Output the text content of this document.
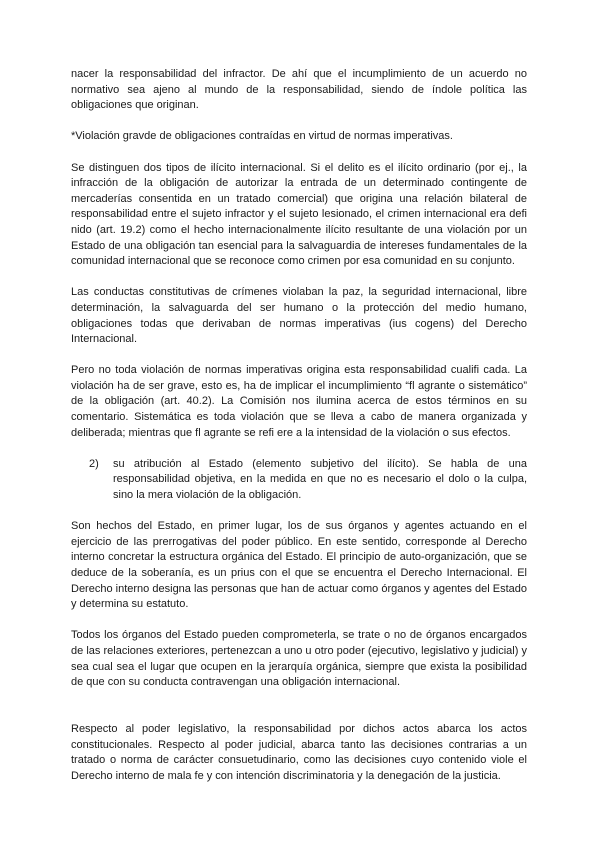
nacer la responsabilidad del infractor. De ahí que el incumplimiento de un acuerdo no normativo sea ajeno al mundo de la responsabilidad, siendo de índole política las obligaciones que originan.

*Violación gravde de obligaciones contraídas en virtud de normas imperativas.

Se distinguen dos tipos de ilícito internacional. Si el delito es el ilícito ordinario (por ej., la infracción de la obligación de autorizar la entrada de un determinado contingente de mercaderías consentida en un tratado comercial) que origina una relación bilateral de responsabilidad entre el sujeto infractor y el sujeto lesionado, el crimen internacional era defi nido (art. 19.2) como el hecho internacionalmente ilícito resultante de una violación por un Estado de una obligación tan esencial para la salvaguardia de intereses fundamentales de la comunidad internacional que se reconoce como crimen por esa comunidad en su conjunto.

Las conductas constitutivas de crímenes violaban la paz, la seguridad internacional, libre determinación, la salvaguarda del ser humano o la protección del medio humano, obligaciones todas que derivaban de normas imperativas (ius cogens) del Derecho Internacional.

Pero no toda violación de normas imperativas origina esta responsabilidad cualifi cada. La violación ha de ser grave, esto es, ha de implicar el incumplimiento “fl agrante o sistemático” de la obligación (art. 40.2). La Comisión nos ilumina acerca de estos términos en su comentario. Sistemática es toda violación que se lleva a cabo de manera organizada y deliberada; mientras que fl agrante se refi ere a la intensidad de la violación o sus efectos.

2)	su atribución al Estado (elemento subjetivo del ilícito). Se habla de una responsabilidad objetiva, en la medida en que no es necesario el dolo o la culpa, sino la mera violación de la obligación.

Son hechos del Estado, en primer lugar, los de sus órganos y agentes actuando en el ejercicio de las prerrogativas del poder público. En este sentido, corresponde al Derecho interno concretar la estructura orgánica del Estado. El principio de auto-organización, que se deduce de la soberanía, es un prius con el que se encuentra el Derecho Internacional. El Derecho interno designa las personas que han de actuar como órganos y agentes del Estado y determina su estatuto.

Todos los órganos del Estado pueden comprometerla, se trate o no de órganos encargados de las relaciones exteriores, pertenezcan a uno u otro poder (ejecutivo, legislativo y judicial) y sea cual sea el lugar que ocupen en la jerarquía orgánica, siempre que exista la posibilidad de que con su conducta contravengan una obligación internacional.

Respecto al poder legislativo, la responsabilidad por dichos actos abarca los actos constitucionales. Respecto al poder judicial, abarca tanto las decisiones contrarias a un tratado o norma de carácter consuetudinario, como las decisiones cuyo contenido viole el Derecho interno de mala fe y con intención discriminatoria y la denegación de la justicia.
